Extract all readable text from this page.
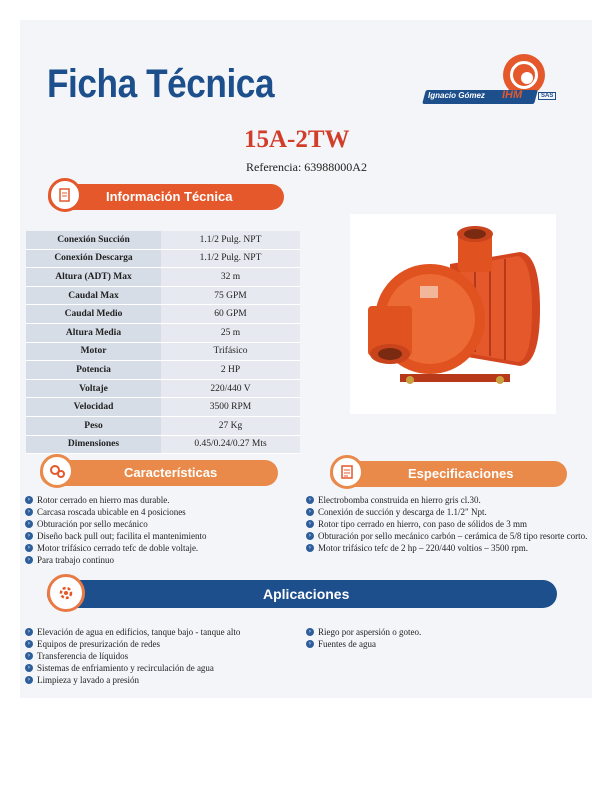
Ficha Técnica	Ignacio Gómez IHM	SAS
15A-2TW
Referencia: 63988000A2
Información Técnica
Conexión Succión	1.1/2 Pulg. NPT
Conexión Descarga	1.1/2 Pulg. NPT
Altura (ADT) Max	32 m
Caudal Max	75 GPM
Caudal Medio	60 GPM
Altura Media	25 m
Motor	Trifásico
Potencia	2 HP
Voltaje	220/440 V
Velocidad	3500 RPM
Peso	27 Kg
Dimensiones	0.45/0.24/0.27 Mts
Características	Especificaciones
› Rotor cerrado en hierro mas durable.
› Carcasa roscada ubicable en 4 posiciones
› Obturación por sello mecánico
› Diseño back pull out; facilita el mantenimiento
› Motor trifásico cerrado tefc de doble voltaje.
› Para trabajo continuo
› Electrobomba construida en hierro gris cl.30.
› Conexión de succión y descarga de 1.1/2" Npt.
› Rotor tipo cerrado en hierro, con paso de sólidos de 3 mm
› Obturación por sello mecánico carbón – cerámica de 5/8 tipo resorte corto.
› Motor trifásico tefc de 2 hp – 220/440 voltios – 3500 rpm.
Aplicaciones
› Elevación de agua en edificios, tanque bajo - tanque alto
› Equipos de presurización de redes
› Transferencia de líquidos
› Sistemas de enfriamiento y recirculación de agua
› Limpieza y lavado a presión
› Riego por aspersión o goteo.
› Fuentes de agua
